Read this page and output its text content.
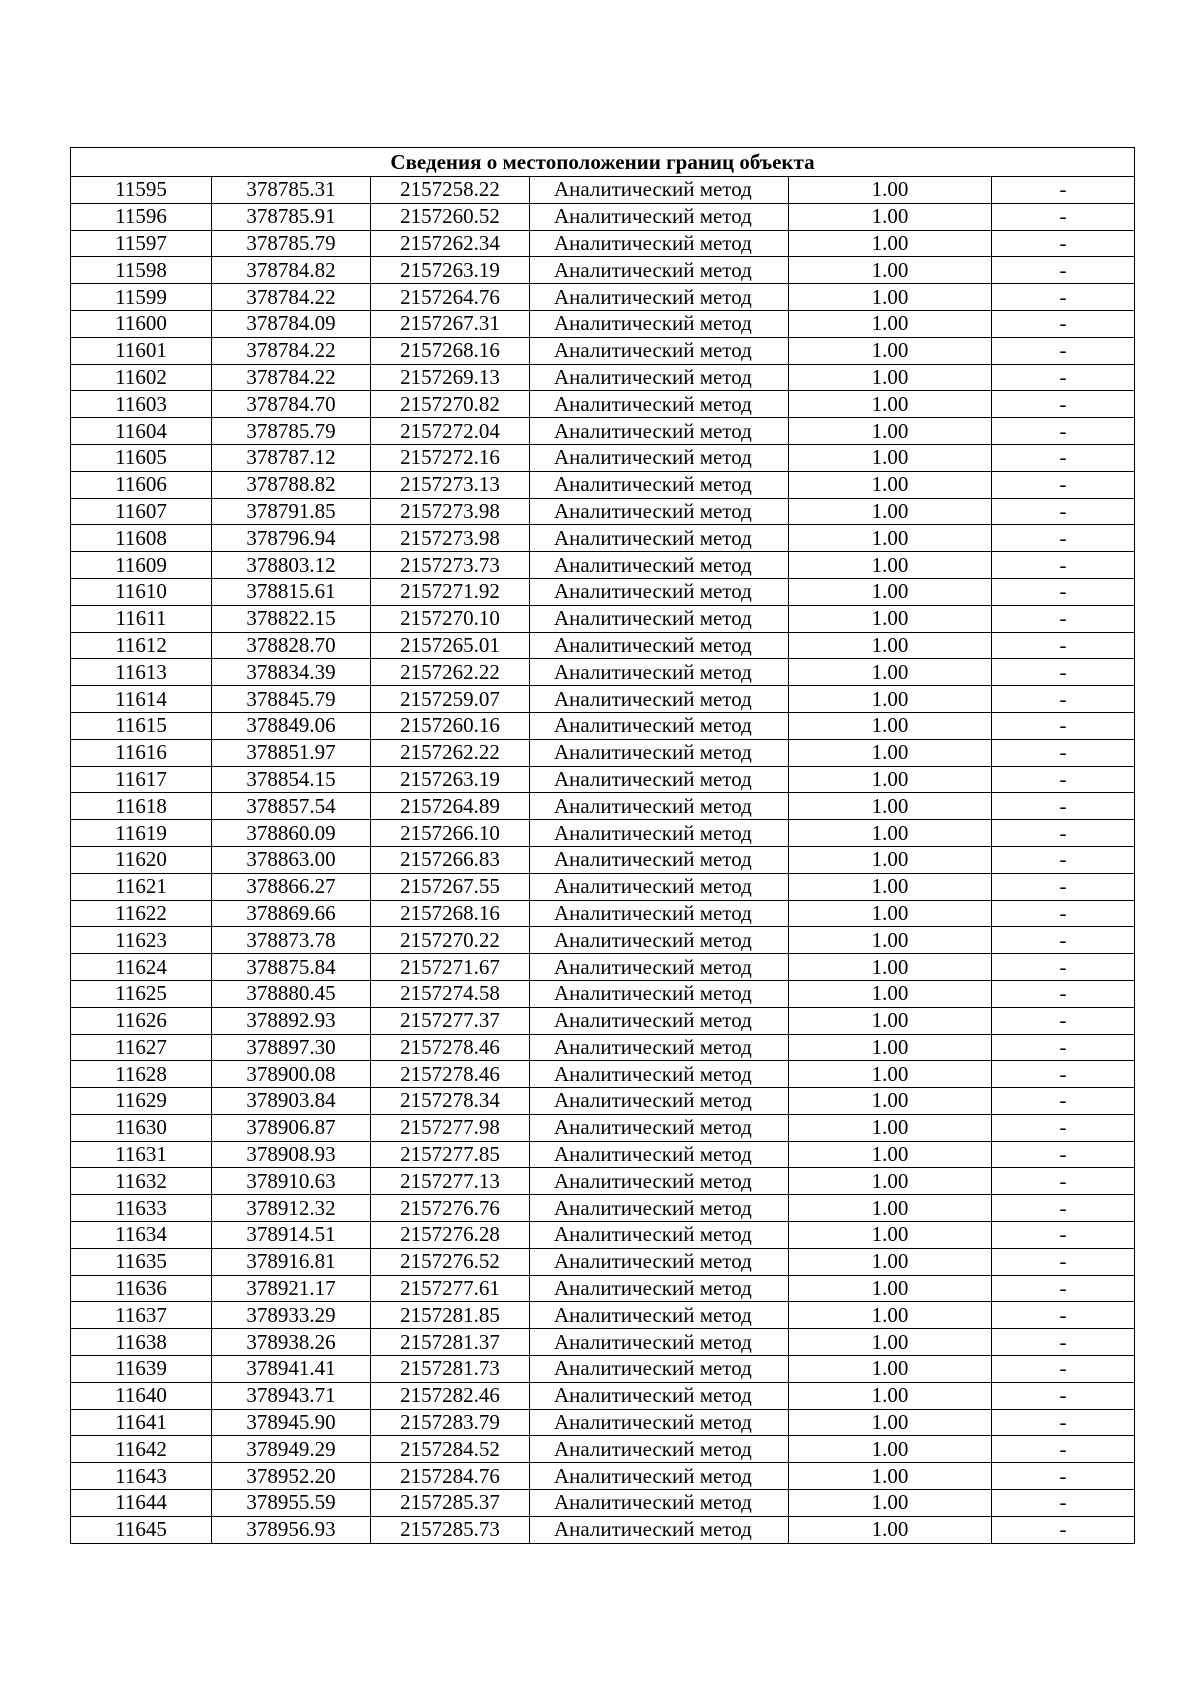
Сведения о местоположении границ объекта					
11595	378785.31	2157258.22	Аналитический метод	1.00	-
11596	378785.91	2157260.52	Аналитический метод	1.00	-
11597	378785.79	2157262.34	Аналитический метод	1.00	-
11598	378784.82	2157263.19	Аналитический метод	1.00	-
11599	378784.22	2157264.76	Аналитический метод	1.00	-
11600	378784.09	2157267.31	Аналитический метод	1.00	-
11601	378784.22	2157268.16	Аналитический метод	1.00	-
11602	378784.22	2157269.13	Аналитический метод	1.00	-
11603	378784.70	2157270.82	Аналитический метод	1.00	-
11604	378785.79	2157272.04	Аналитический метод	1.00	-
11605	378787.12	2157272.16	Аналитический метод	1.00	-
11606	378788.82	2157273.13	Аналитический метод	1.00	-
11607	378791.85	2157273.98	Аналитический метод	1.00	-
11608	378796.94	2157273.98	Аналитический метод	1.00	-
11609	378803.12	2157273.73	Аналитический метод	1.00	-
11610	378815.61	2157271.92	Аналитический метод	1.00	-
11611	378822.15	2157270.10	Аналитический метод	1.00	-
11612	378828.70	2157265.01	Аналитический метод	1.00	-
11613	378834.39	2157262.22	Аналитический метод	1.00	-
11614	378845.79	2157259.07	Аналитический метод	1.00	-
11615	378849.06	2157260.16	Аналитический метод	1.00	-
11616	378851.97	2157262.22	Аналитический метод	1.00	-
11617	378854.15	2157263.19	Аналитический метод	1.00	-
11618	378857.54	2157264.89	Аналитический метод	1.00	-
11619	378860.09	2157266.10	Аналитический метод	1.00	-
11620	378863.00	2157266.83	Аналитический метод	1.00	-
11621	378866.27	2157267.55	Аналитический метод	1.00	-
11622	378869.66	2157268.16	Аналитический метод	1.00	-
11623	378873.78	2157270.22	Аналитический метод	1.00	-
11624	378875.84	2157271.67	Аналитический метод	1.00	-
11625	378880.45	2157274.58	Аналитический метод	1.00	-
11626	378892.93	2157277.37	Аналитический метод	1.00	-
11627	378897.30	2157278.46	Аналитический метод	1.00	-
11628	378900.08	2157278.46	Аналитический метод	1.00	-
11629	378903.84	2157278.34	Аналитический метод	1.00	-
11630	378906.87	2157277.98	Аналитический метод	1.00	-
11631	378908.93	2157277.85	Аналитический метод	1.00	-
11632	378910.63	2157277.13	Аналитический метод	1.00	-
11633	378912.32	2157276.76	Аналитический метод	1.00	-
11634	378914.51	2157276.28	Аналитический метод	1.00	-
11635	378916.81	2157276.52	Аналитический метод	1.00	-
11636	378921.17	2157277.61	Аналитический метод	1.00	-
11637	378933.29	2157281.85	Аналитический метод	1.00	-
11638	378938.26	2157281.37	Аналитический метод	1.00	-
11639	378941.41	2157281.73	Аналитический метод	1.00	-
11640	378943.71	2157282.46	Аналитический метод	1.00	-
11641	378945.90	2157283.79	Аналитический метод	1.00	-
11642	378949.29	2157284.52	Аналитический метод	1.00	-
11643	378952.20	2157284.76	Аналитический метод	1.00	-
11644	378955.59	2157285.37	Аналитический метод	1.00	-
11645	378956.93	2157285.73	Аналитический метод	1.00	-
